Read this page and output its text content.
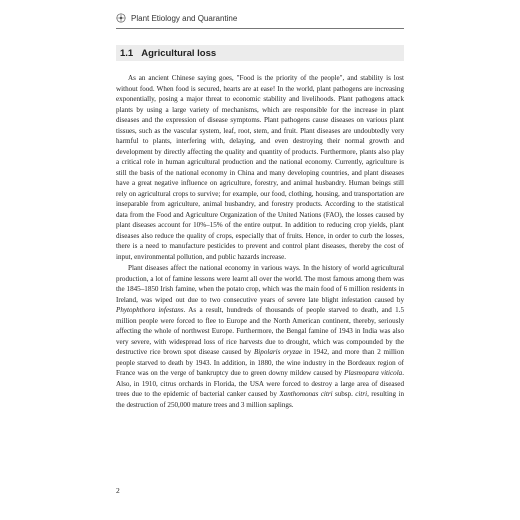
Plant Etiology and Quarantine
1.1 Agricultural loss

As an ancient Chinese saying goes, "Food is the priority of the people", and stability is lost without food. When food is secured, hearts are at ease! In the world, plant pathogens are increasing exponentially, posing a major threat to economic stability and livelihoods. Plant pathogens attack plants by using a large variety of mechanisms, which are responsible for the increase in plant diseases and the expression of disease symptoms. Plant pathogens cause diseases on various plant tissues, such as the vascular system, leaf, root, stem, and fruit. Plant diseases are undoubtedly very harmful to plants, interfering with, delaying, and even destroying their normal growth and development by directly affecting the quality and quantity of products. Furthermore, plants also play a critical role in human agricultural production and the national economy. Currently, agriculture is still the basis of the national economy in China and many developing countries, and plant diseases have a great negative influence on agriculture, forestry, and animal husbandry. Human beings still rely on agricultural crops to survive; for example, our food, clothing, housing, and transportation are inseparable from agriculture, animal husbandry, and forestry products. According to the statistical data from the Food and Agriculture Organization of the United Nations (FAO), the losses caused by plant diseases account for 10%–15% of the entire output. In addition to reducing crop yields, plant diseases also reduce the quality of crops, especially that of fruits. Hence, in order to curb the losses, there is a need to manufacture pesticides to prevent and control plant diseases, thereby the cost of input, environmental pollution, and public hazards increase.

Plant diseases affect the national economy in various ways. In the history of world agricultural production, a lot of famine lessons were learnt all over the world. The most famous among them was the 1845–1850 Irish famine, when the potato crop, which was the main food of 6 million residents in Ireland, was wiped out due to two consecutive years of severe late blight infestation caused by Phytophthora infestans. As a result, hundreds of thousands of people starved to death, and 1.5 million people were forced to flee to Europe and the North American continent, thereby, seriously affecting the whole of northwest Europe. Furthermore, the Bengal famine of 1943 in India was also very severe, with widespread loss of rice harvests due to drought, which was compounded by the destructive rice brown spot disease caused by Bipolaris oryzae in 1942, and more than 2 million people starved to death by 1943. In addition, in 1880, the wine industry in the Bordeaux region of France was on the verge of bankruptcy due to green downy mildew caused by Plasmopara viticola. Also, in 1910, citrus orchards in Florida, the USA were forced to destroy a large area of diseased trees due to the epidemic of bacterial canker caused by Xanthomonas citri subsp. citri, resulting in the destruction of 250,000 mature trees and 3 million saplings.

2
